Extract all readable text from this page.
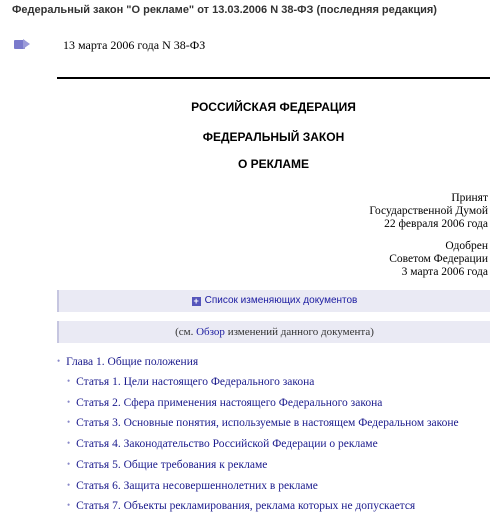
Федеральный закон "О рекламе" от 13.03.2006 N 38-ФЗ (последняя редакция)
13 марта 2006 года N 38-ФЗ
РОССИЙСКАЯ ФЕДЕРАЦИЯ
ФЕДЕРАЛЬНЫЙ ЗАКОН
О РЕКЛАМЕ
Принят
Государственной Думой
22 февраля 2006 года
Одобрен
Советом Федерации
3 марта 2006 года
+ Список изменяющих документов
(см. Обзор изменений данного документа)
• Глава 1. Общие положения
• Статья 1. Цели настоящего Федерального закона
• Статья 2. Сфера применения настоящего Федерального закона
• Статья 3. Основные понятия, используемые в настоящем Федеральном законе
• Статья 4. Законодательство Российской Федерации о рекламе
• Статья 5. Общие требования к рекламе
• Статья 6. Защита несовершеннолетних в рекламе
• Статья 7. Объекты рекламирования, реклама которых не допускается
